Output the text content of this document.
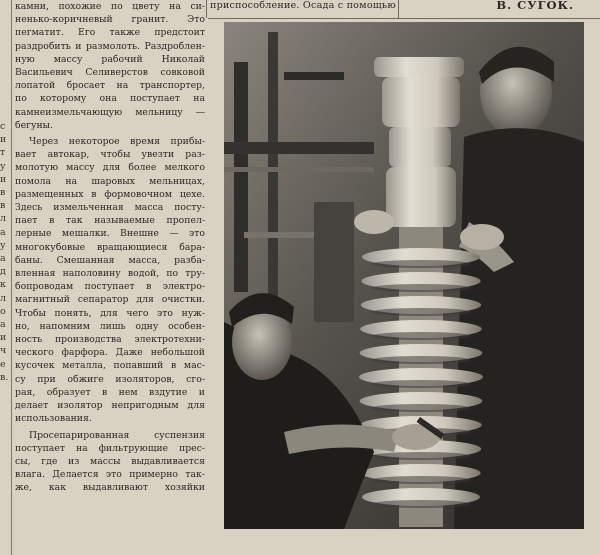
с
и
т
у
и
в
в
л
а
у
а
д
к
л
о
а
и
ч
е
в.
камни, похожие по цвету на си-
ненько-коричневый гранит. Это
пегматит. Его также предстоит
раздробить и размолоть. Раздроблен-
ную массу рабочий Николай
Васильевич Селиверстов совковой
лопатой бросает на транспортер,
по которому она поступает на
камнеизмельчающую мельницу —
бегуны.
Через некоторое время прибы-
вает автокар, чтобы увезти раз-
молотую массу для более мелкого
помола на шаровых мельницах,
размещенных в формовочном цехе.
Здесь измельченная масса посту-
пает в так называемые пропел-
лерные мешалки. Внешне — это
многокубовые вращающиеся бара-
баны. Смешанная масса, разба-
вленная наполовину водой, по тру-
бопроводам поступает в электро-
магнитный сепаратор для очистки.
Чтобы понять, для чего это нуж-
но, напомним лишь одну особен-
ность производства электротехни-
ческого фарфора. Даже небольшой
кусочек металла, попавший в мас-
су при обжиге изоляторов, сго-
рая, образует в нем вздутие и
делает изолятор непригодным для
использования.
Просепарированная суспензия
поступает на фильтрующие прес-
сы, где из массы выдавливается
влага. Делается это примерно так-
же, как выдавливают хозяйки
приспособление. Осада с помощью	В. СУГОК.
